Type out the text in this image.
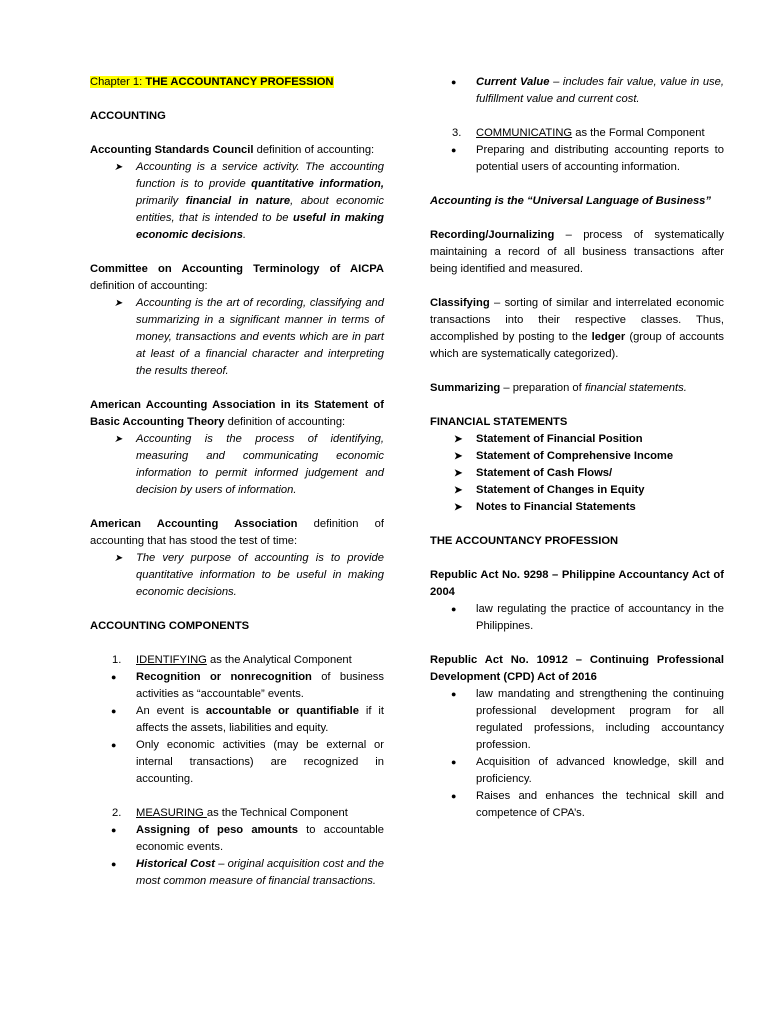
Chapter 1: THE ACCOUNTANCY PROFESSION

ACCOUNTING

Accounting Standards Council definition of accounting:

➤ Accounting is a service activity. The accounting function is to provide quantitative information, primarily financial in nature, about economic entities, that is intended to be useful in making economic decisions.

Committee on Accounting Terminology of AICPA definition of accounting:

➤ Accounting is the art of recording, classifying and summarizing in a significant manner in terms of money, transactions and events which are in part at least of a financial character and interpreting the results thereof.

American Accounting Association in its Statement of Basic Accounting Theory definition of accounting:

➤ Accounting is the process of identifying, measuring and communicating economic information to permit informed judgement and decision by users of information.

American Accounting Association definition of accounting that has stood the test of time:

➤ The very purpose of accounting is to provide quantitative information to be useful in making economic decisions.

ACCOUNTING COMPONENTS

1. IDENTIFYING as the Analytical Component

● Recognition or nonrecognition of business activities as “accountable” events.
● An event is accountable or quantifiable if it affects the assets, liabilities and equity.
● Only economic activities (may be external or internal transactions) are recognized in accounting.

2. MEASURING as the Technical Component

● Assigning of peso amounts to accountable economic events.
● Historical Cost – original acquisition cost and the most common measure of financial transactions.
● Current Value – includes fair value, value in use, fulfillment value and current cost.

3. COMMUNICATING as the Formal Component

● Preparing and distributing accounting reports to potential users of accounting information.

Accounting is the “Universal Language of Business”

Recording/Journalizing – process of systematically maintaining a record of all business transactions after being identified and measured.

Classifying – sorting of similar and interrelated economic transactions into their respective classes. Thus, accomplished by posting to the ledger (group of accounts which are systematically categorized).

Summarizing – preparation of financial statements.

FINANCIAL STATEMENTS

➤ Statement of Financial Position
➤ Statement of Comprehensive Income
➤ Statement of Cash Flows/
➤ Statement of Changes in Equity
➤ Notes to Financial Statements

THE ACCOUNTANCY PROFESSION

Republic Act No. 9298 – Philippine Accountancy Act of 2004

● law regulating the practice of accountancy in the Philippines.

Republic Act No. 10912 – Continuing Professional Development (CPD) Act of 2016

● law mandating and strengthening the continuing professional development program for all regulated professions, including accountancy profession.
● Acquisition of advanced knowledge, skill and proficiency.
● Raises and enhances the technical skill and competence of CPA’s.
